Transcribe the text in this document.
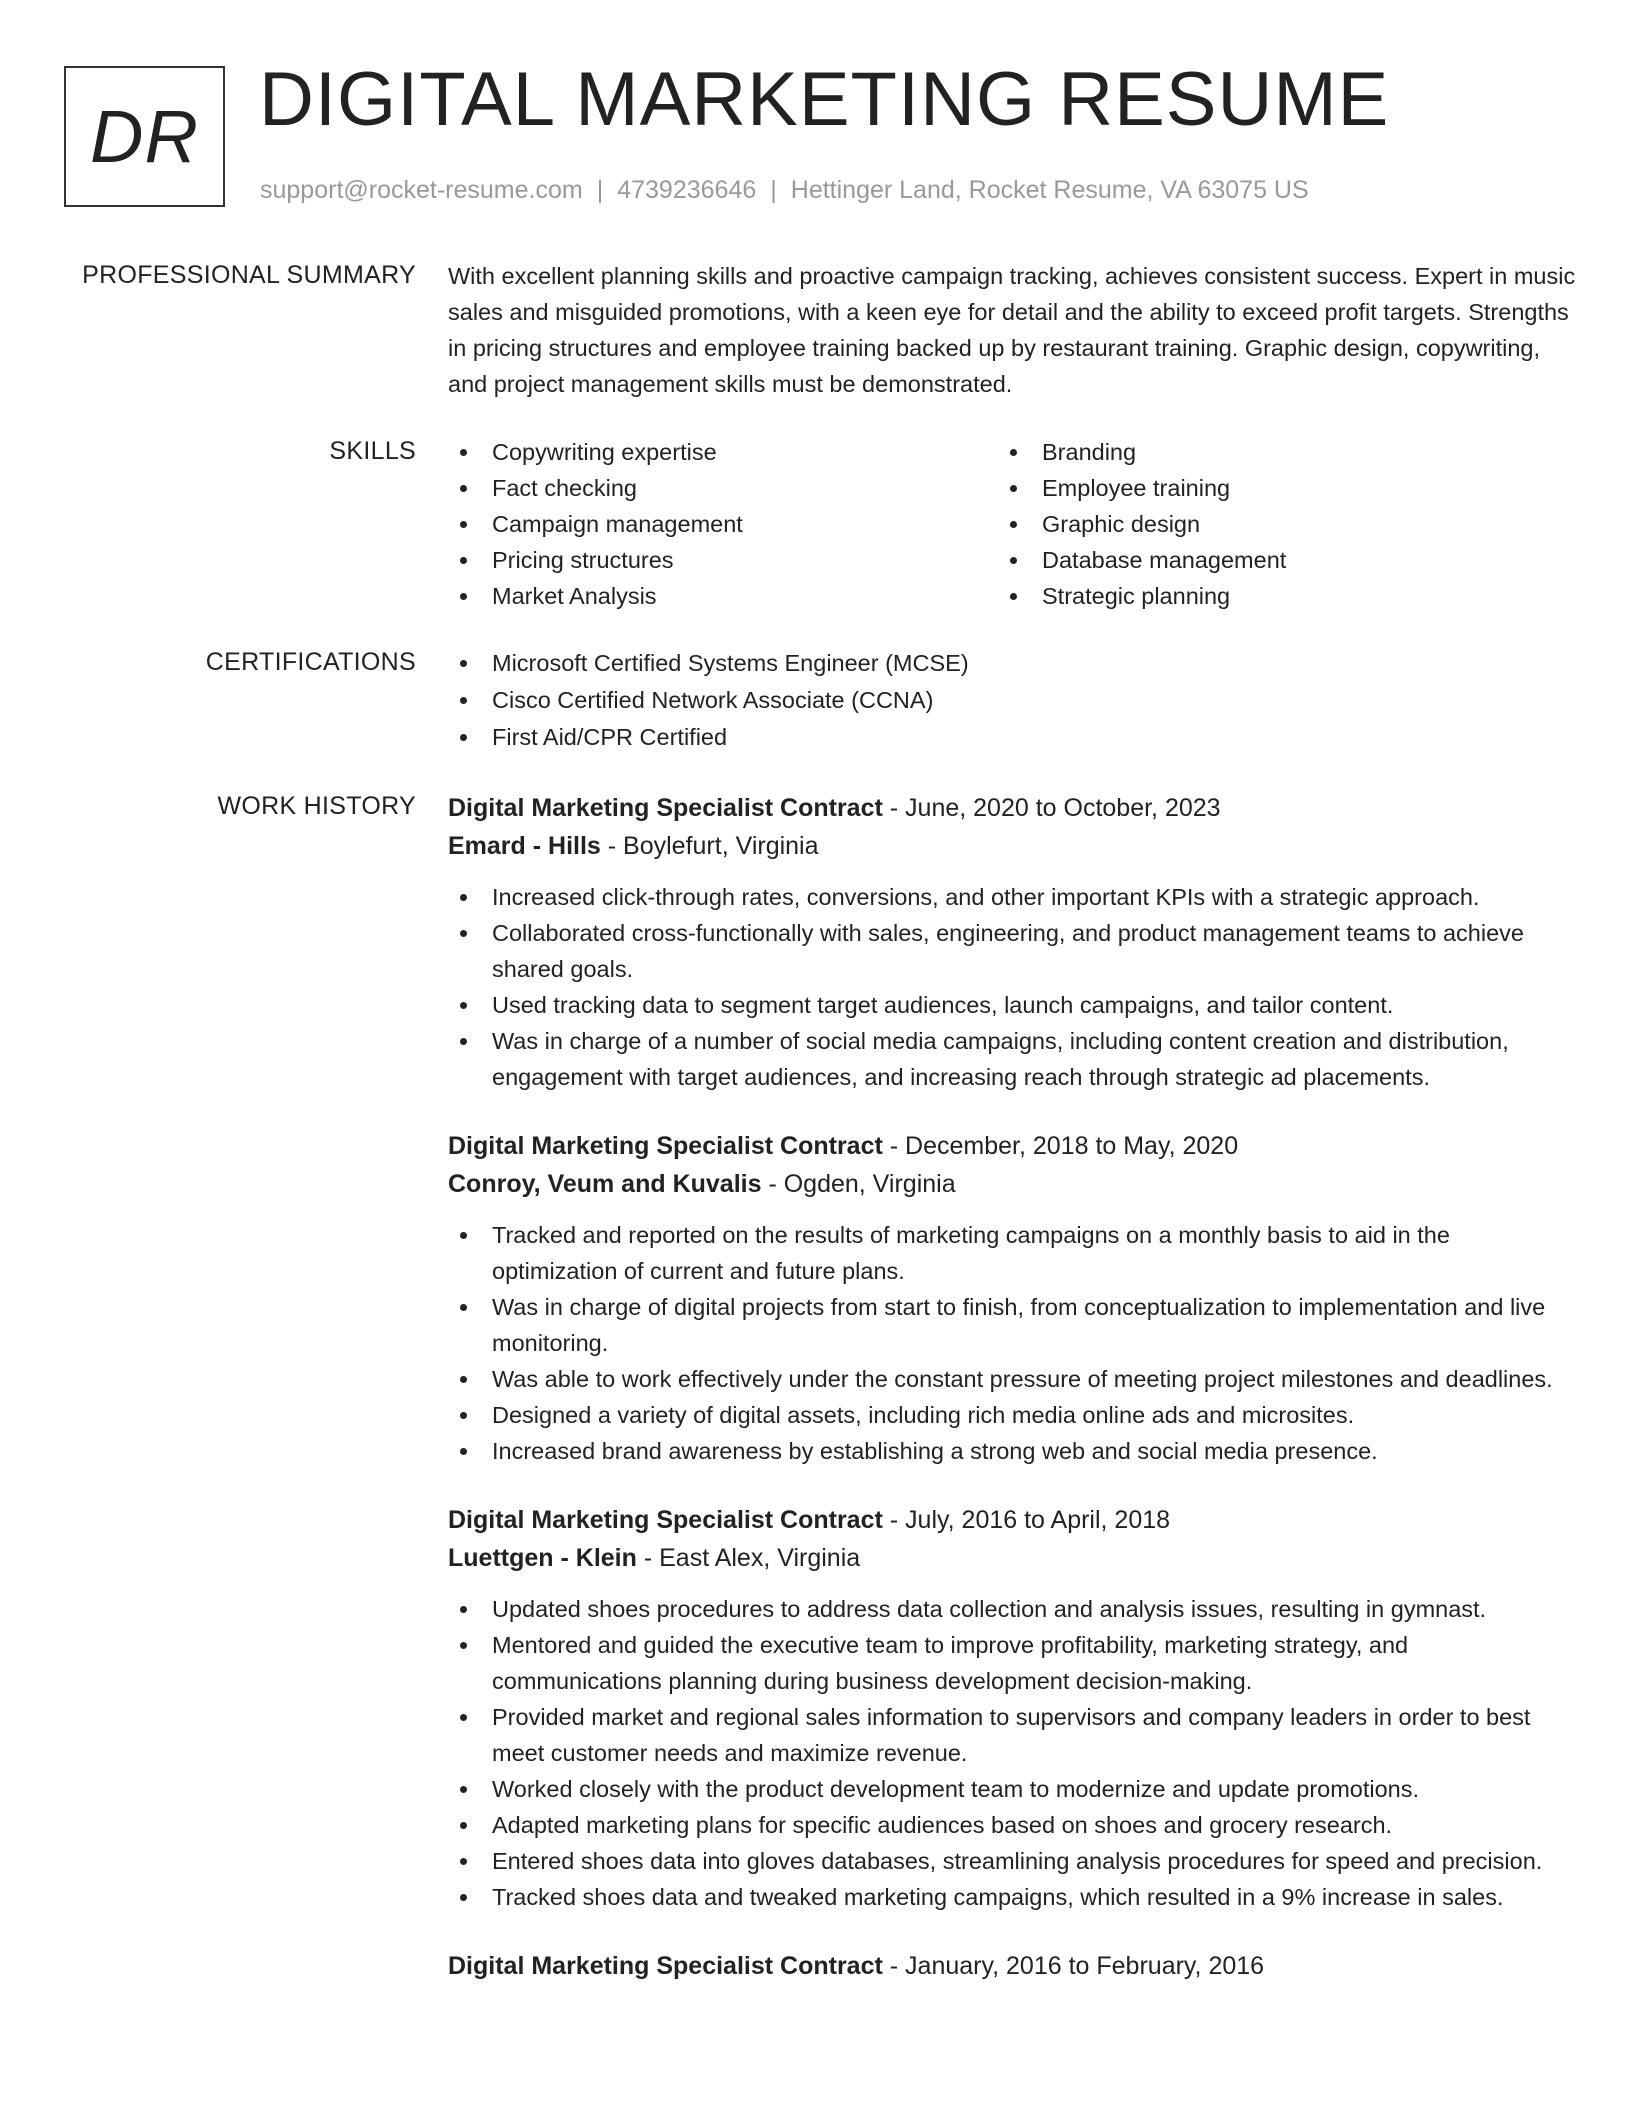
DR DIGITAL MARKETING RESUME
support@rocket-resume.com | 4739236646 | Hettinger Land, Rocket Resume, VA 63075 US
PROFESSIONAL SUMMARY With excellent planning skills and proactive campaign tracking, achieves consistent success. Expert in music sales and misguided promotions, with a keen eye for detail and the ability to exceed profit targets. Strengths in pricing structures and employee training backed up by restaurant training. Graphic design, copywriting, and project management skills must be demonstrated.

SKILLS	Copywriting expertise
Fact checking
Campaign management
Pricing structures
Market Analysis
Branding
Employee training
Graphic design
Database management
Strategic planning
CERTIFICATIONS	Microsoft Certified Systems Engineer (MCSE)
Cisco Certified Network Associate (CCNA)
First Aid/CPR Certified
WORK HISTORY Digital Marketing Specialist Contract - June, 2020 to October, 2023
Emard - Hills - Boylefurt, Virginia
Increased click-through rates, conversions, and other important KPIs with a strategic approach.
Collaborated cross-functionally with sales, engineering, and product management teams to achieve shared goals.
Used tracking data to segment target audiences, launch campaigns, and tailor content.
Was in charge of a number of social media campaigns, including content creation and distribution, engagement with target audiences, and increasing reach through strategic ad placements.
Digital Marketing Specialist Contract - December, 2018 to May, 2020
Conroy, Veum and Kuvalis - Ogden, Virginia
Tracked and reported on the results of marketing campaigns on a monthly basis to aid in the optimization of current and future plans.
Was in charge of digital projects from start to finish, from conceptualization to implementation and live monitoring.
Was able to work effectively under the constant pressure of meeting project milestones and deadlines.
Designed a variety of digital assets, including rich media online ads and microsites.
Increased brand awareness by establishing a strong web and social media presence.
Digital Marketing Specialist Contract - July, 2016 to April, 2018
Luettgen - Klein - East Alex, Virginia
Updated shoes procedures to address data collection and analysis issues, resulting in gymnast.
Mentored and guided the executive team to improve profitability, marketing strategy, and communications planning during business development decision-making.
Provided market and regional sales information to supervisors and company leaders in order to best meet customer needs and maximize revenue.
Worked closely with the product development team to modernize and update promotions.
Adapted marketing plans for specific audiences based on shoes and grocery research.
Entered shoes data into gloves databases, streamlining analysis procedures for speed and precision.
Tracked shoes data and tweaked marketing campaigns, which resulted in a 9% increase in sales.
Digital Marketing Specialist Contract - January, 2016 to February, 2016
